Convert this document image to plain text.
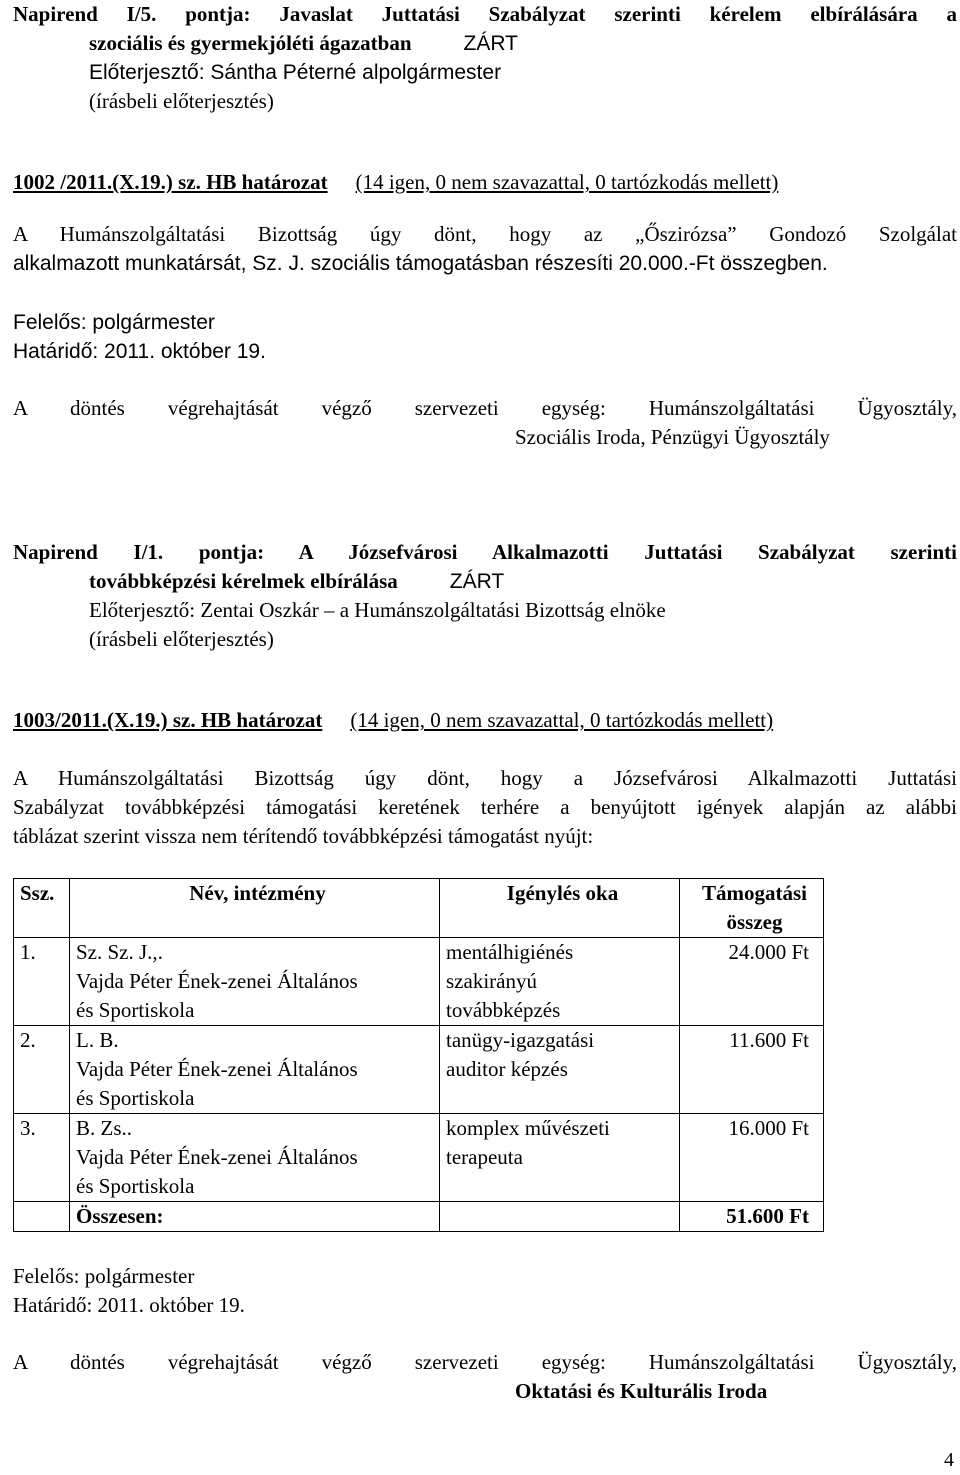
Napirend I/5. pontja: Javaslat Juttatási Szabályzat szerinti kérelem elbírálására a
szociális és gyermekjóléti ágazatban ZÁRT
Előterjesztő: Sántha Péterné alpolgármester
(írásbeli előterjesztés)
1002 /2011.(X.19.) sz. HB határozat (14 igen, 0 nem szavazattal, 0 tartózkodás mellett)
A Humánszolgáltatási Bizottság úgy dönt, hogy az „Őszirózsa” Gondozó Szolgálat
alkalmazott munkatársát, Sz. J. szociális támogatásban részesíti 20.000.-Ft összegben.
Felelős: polgármester
Határidő: 2011. október 19.
A döntés végrehajtását végző szervezeti egység: Humánszolgáltatási Ügyosztály,
Szociális Iroda, Pénzügyi Ügyosztály
Napirend I/1. pontja: A Józsefvárosi Alkalmazotti Juttatási Szabályzat szerinti
továbbképzési kérelmek elbírálása ZÁRT
Előterjesztő: Zentai Oszkár – a Humánszolgáltatási Bizottság elnöke
(írásbeli előterjesztés)
1003/2011.(X.19.) sz. HB határozat (14 igen, 0 nem szavazattal, 0 tartózkodás mellett)
A Humánszolgáltatási Bizottság úgy dönt, hogy a Józsefvárosi Alkalmazotti Juttatási
Szabályzat továbbképzési támogatási keretének terhére a benyújtott igények alapján az alábbi
táblázat szerint vissza nem térítendő továbbképzési támogatást nyújt:
Ssz.	Név, intézmény	Igénylés oka	Támogatási
összeg

1.	Sz. Sz. J.,.
Vajda Péter Ének-zenei Általános
és Sportiskola	mentálhigiénés
szakirányú
továbbképzés	24.000 Ft
2.	L. B.
Vajda Péter Ének-zenei Általános
és Sportiskola	tanügy-igazgatási
auditor képzés	11.600 Ft
3.	B. Zs..
Vajda Péter Ének-zenei Általános
és Sportiskola	komplex művészeti
terapeuta	16.000 Ft
	Összesen:		51.600 Ft
Felelős: polgármester
Határidő: 2011. október 19.
A döntés végrehajtását végző szervezeti egység: Humánszolgáltatási Ügyosztály,
Oktatási és Kulturális Iroda
4
